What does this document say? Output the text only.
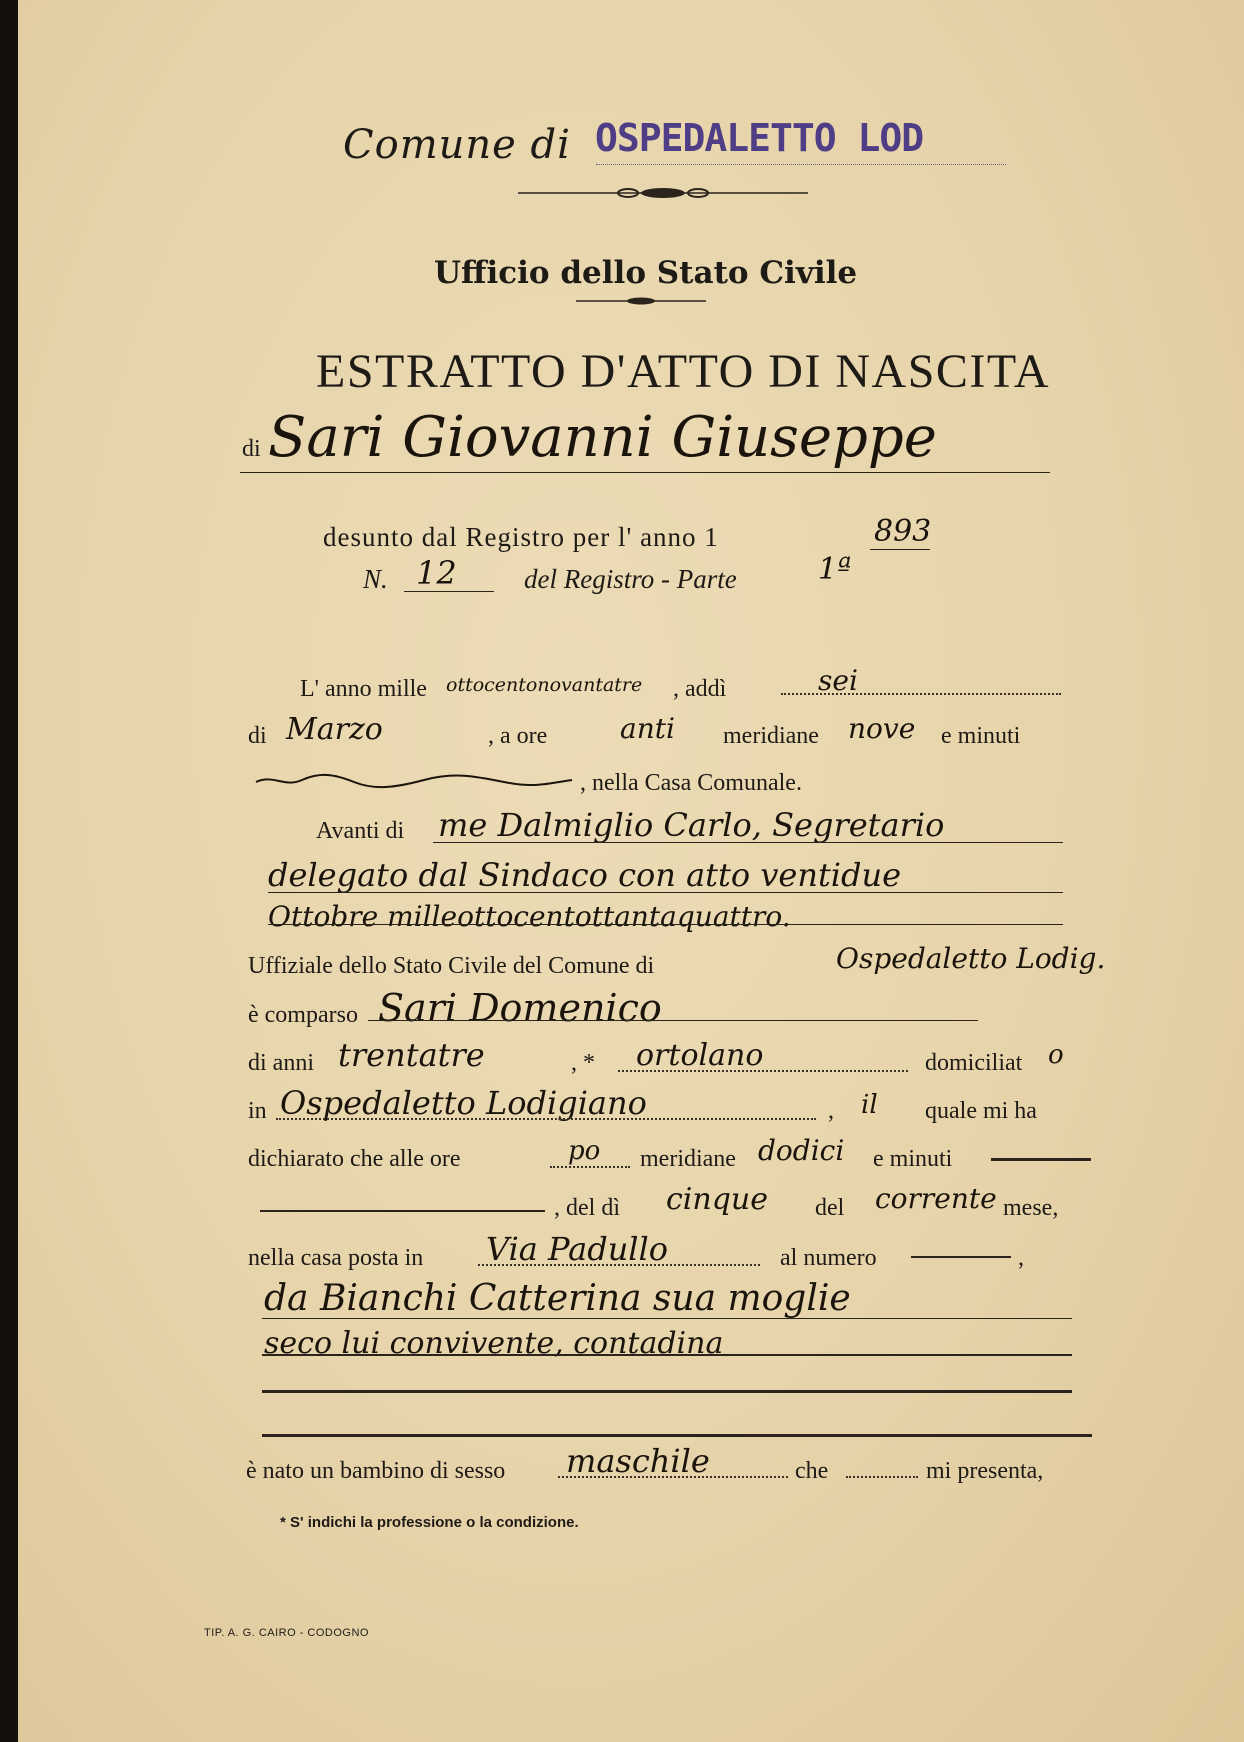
Comune di OSPEDALETTO LOD
Ufficio dello Stato Civile
ESTRATTO D'ATTO DI NASCITA
di Sari Giovanni Giuseppe
desunto dal Registro per l' anno 1	893
N. 12 del Registro - Parte	1ª
L' anno mille ottocentonovantatre , addì	sei
di Marzo	, a ore	anti meridiane nove e minuti
, nella Casa Comunale.
Avanti di me Dalmiglio Carlo, Segretario
delegato dal Sindaco con atto ventidue
Ottobre milleottocentottantaquattro.
Uffiziale dello Stato Civile del Comune di	Ospedaletto Lodig.
è comparso Sari Domenico
di anni trentatre	, * ortolano	domiciliat o
in Ospedaletto Lodigiano	, il quale mi ha
dichiarato che alle ore	po meridiane dodici e minuti
, del dì cinque del corrente mese,
nella casa posta in Via Padullo	al numero	,
da Bianchi Catterina sua moglie
seco lui convivente, contadina
è nato un bambino di sesso maschile	che	mi presenta,
* S' indichi la professione o la condizione.
TIP. A. G. CAIRO - CODOGNO
